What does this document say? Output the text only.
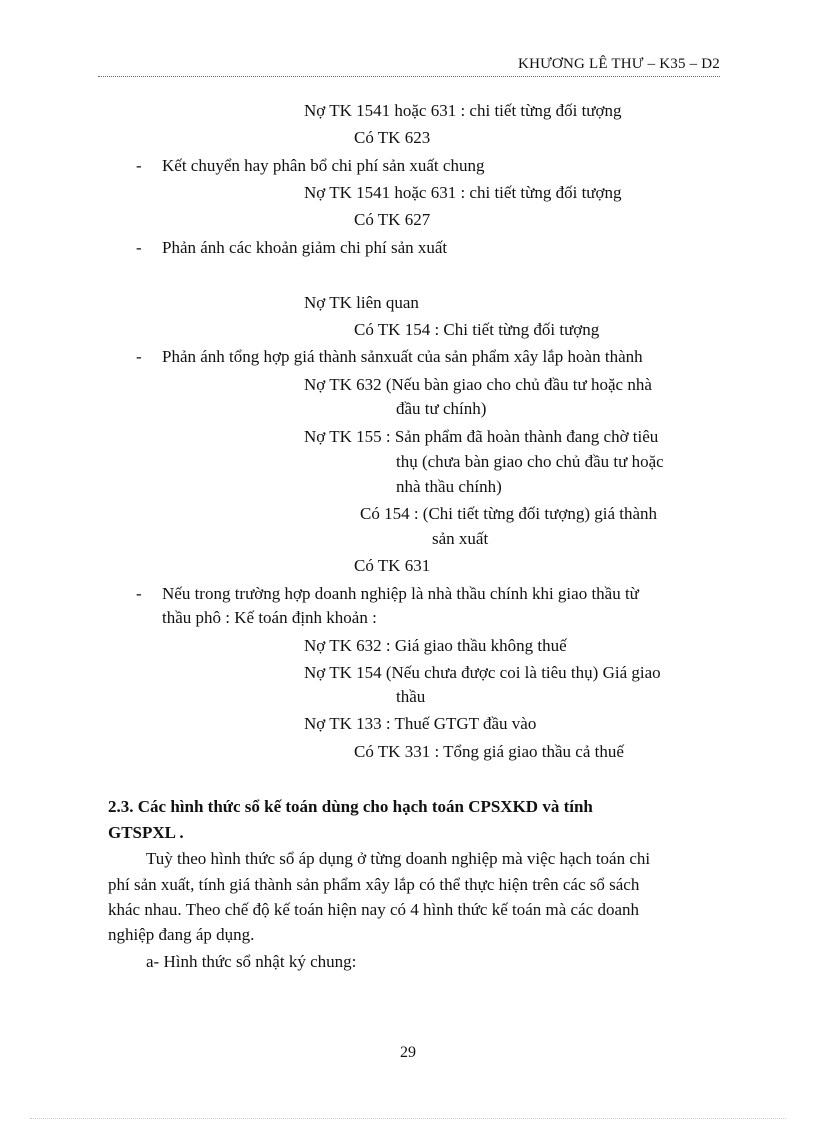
KHƯƠNG LÊ THƯ – K35 – D2
Nợ TK 1541 hoặc 631 : chi tiết từng đối tượng
Có TK 623
- Kết chuyển hay phân bổ chi phí sản xuất chung
Nợ TK 1541 hoặc 631 : chi tiết từng đối tượng
Có TK 627
- Phản ánh các khoản giảm chi phí sản xuất
Nợ TK liên quan
Có TK 154 : Chi tiết từng đối tượng
- Phản ánh tổng hợp giá thành sảnxuất của sản phẩm xây lắp hoàn thành
Nợ TK 632 (Nếu bàn giao cho chủ đầu tư hoặc nhà
đầu tư chính)
Nợ TK 155 : Sản phẩm đã hoàn thành đang chờ tiêu
thụ (chưa bàn giao cho chủ đầu tư hoặc
nhà thầu chính)
Có 154 : (Chi tiết từng đối tượng) giá thành
sản xuất
Có TK 631
- Nếu trong trường hợp doanh nghiệp là nhà thầu chính khi giao thầu từ
thầu phô : Kế toán định khoản :
Nợ TK 632 : Giá giao thầu không thuế
Nợ TK 154 (Nếu chưa được coi là tiêu thụ) Giá giao
thầu
Nợ TK 133 : Thuế GTGT đầu vào
Có TK 331 : Tổng giá giao thầu cả thuế
2.3. Các hình thức sổ kế toán dùng cho hạch toán CPSXKD và tính
GTSPXL .
Tuỳ theo hình thức sổ áp dụng ở từng doanh nghiệp mà việc hạch toán chi
phí sản xuất, tính giá thành sản phẩm xây lắp có thể thực hiện trên các sổ sách
khác nhau. Theo chế độ kế toán hiện nay có 4 hình thức kế toán mà các doanh
nghiệp đang áp dụng.
a- Hình thức sổ nhật ký chung:
29
